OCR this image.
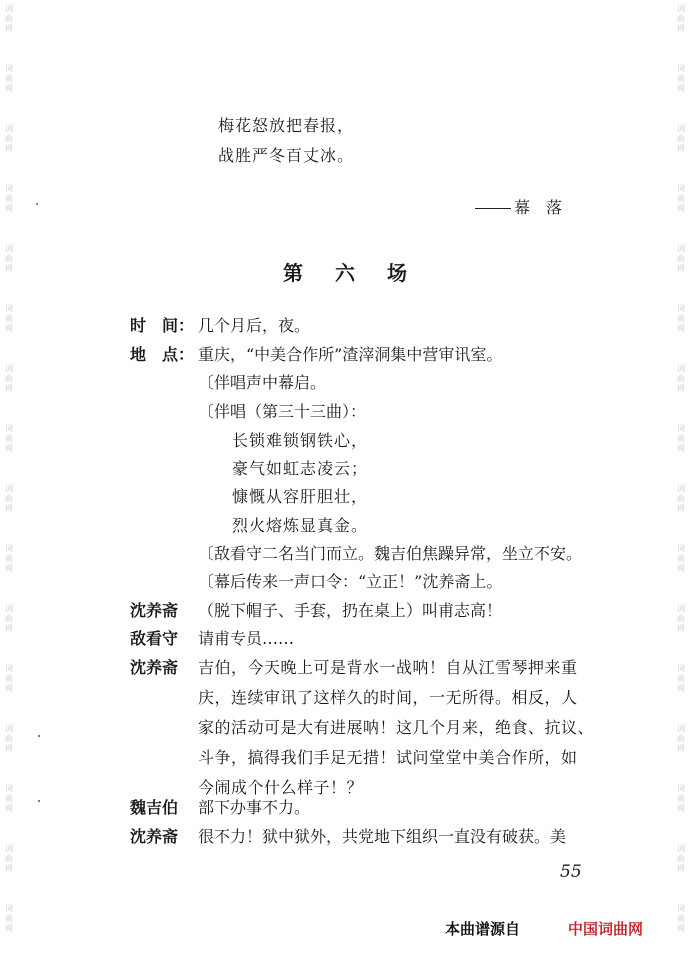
词
曲
网
词
曲
网
词
曲
网
词
曲
网
词
曲
网
词
曲
网
词
曲
网
词
曲
网
词
曲
网
词
曲
网
词
曲
网
词
曲
网
词
曲
网
词
曲
网
词
曲
网
词
曲
网
词
曲
网
词
曲
网
词
曲
网
词
曲
网
词
曲
网
词
曲
网
词
曲
网
词
曲
网
词
曲
网
词
曲
网
词
曲
网
词
曲
网
词
曲
网
词
曲
网
词
曲
网
词
曲
网
梅花怒放把春报，
战胜严冬百丈冰。
幕　落
第六场
时　间： 几个月后，夜。
地　点： 重庆，“中美合作所”渣滓洞集中营审讯室。
〔伴唱声中幕启。
〔伴唱（第三十三曲）：
长锁难锁钢铁心，
豪气如虹志凌云；
慷慨从容肝胆壮，
烈火熔炼显真金。
〔敌看守二名当门而立。魏吉伯焦躁异常，坐立不安。
〔幕后传来一声口令：“立正！”沈养斋上。
沈养斋	（脱下帽子、手套，扔在桌上）叫甫志高！
敌看守	请甫专员……
沈养斋	吉伯，今天晚上可是背水一战呐！自从江雪琴押来重

庆，连续审讯了这样久的时间，一无所得。相反，人

家的活动可是大有进展呐！这几个月来，绝食、抗议、

斗争，搞得我们手足无措！试问堂堂中美合作所，如

今闹成个什么样子！？

魏吉伯	部下办事不力。
沈养斋	很不力！狱中狱外，共党地下组织一直没有破获。美
55
本曲谱源自	中国词曲网
